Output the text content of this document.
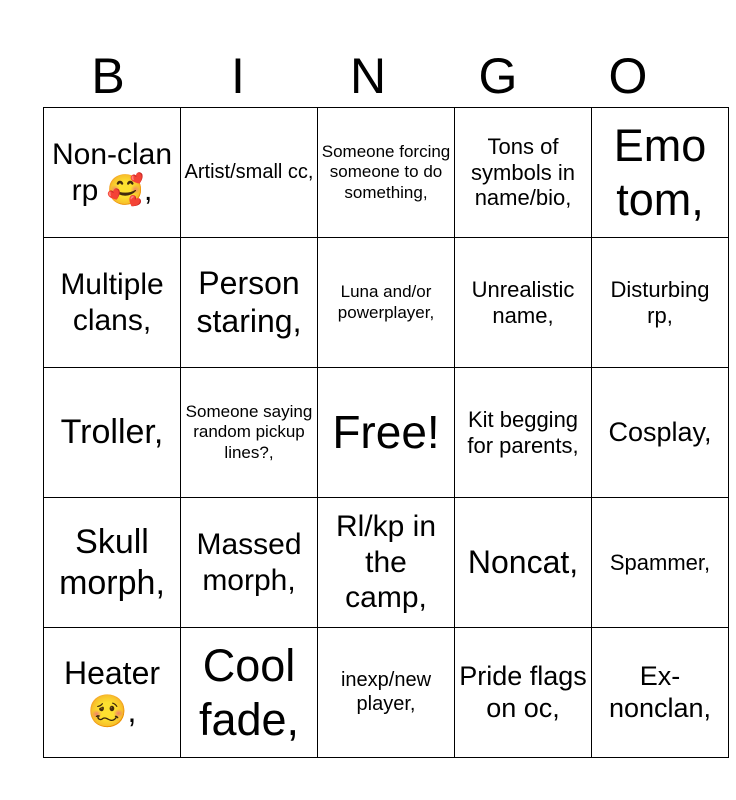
B	I	N	G	O
Non-clan rp 🥰,	Artist/small cc,	Someone forcing someone to do something,	Tons of symbols in name/bio,	Emo tom,
Multiple clans,	Person staring,	Luna and/or powerplayer,	Unrealistic name,	Disturbing rp,
Troller,	Someone saying random pickup lines?,	Free!	Kit begging for parents,	Cosplay,
Skull morph,	Massed morph,	Rl/kp in the camp,	Noncat,	Spammer,
Heater 🥴,	Cool fade,	inexp/new player,	Pride flags on oc,	Ex-nonclan,
